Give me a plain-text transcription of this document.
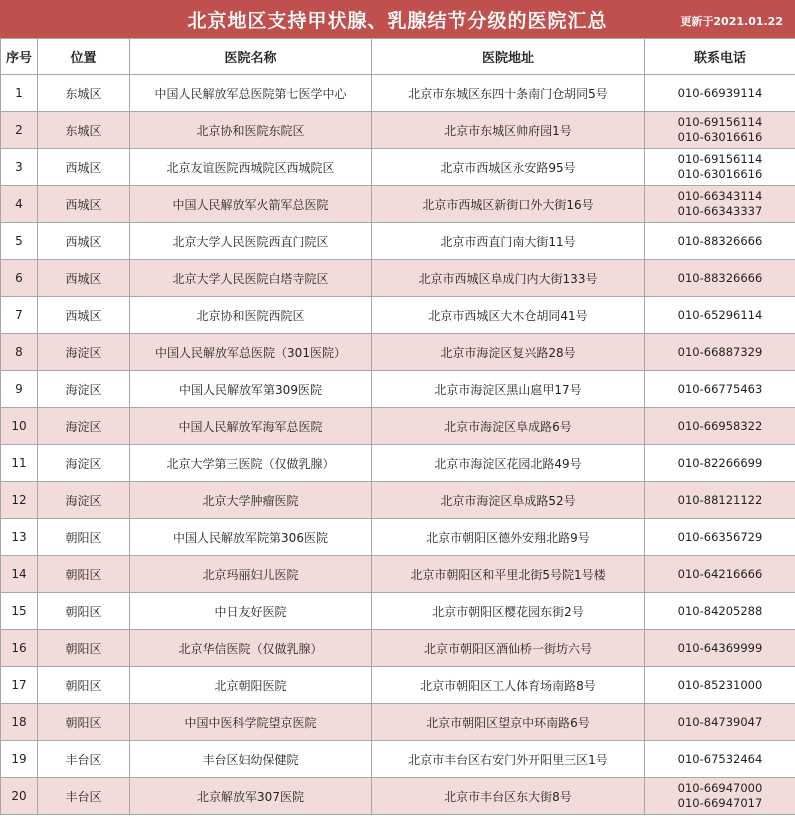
北京地区支持甲状腺、乳腺结节分级的医院汇总	更新于2021.01.22
序号	位置	医院名称	医院地址	联系电话
1	东城区	中国人民解放军总医院第七医学中心	北京市东城区东四十条南门仓胡同5号	010-66939114

2	东城区	北京协和医院东院区	北京市东城区帅府园1号	010-69156114
010-63016616

3	西城区	北京友谊医院西城院区西城院区	北京市西城区永安路95号	010-69156114
010-63016616

4	西城区	中国人民解放军火箭军总医院	北京市西城区新街口外大街16号	010-66343114
010-66343337

5	西城区	北京大学人民医院西直门院区	北京市西直门南大街11号	010-88326666

6	西城区	北京大学人民医院白塔寺院区	北京市西城区阜成门内大街133号	010-88326666

7	西城区	北京协和医院西院区	北京市西城区大木仓胡同41号	010-65296114

8	海淀区	中国人民解放军总医院（301医院）	北京市海淀区复兴路28号	010-66887329

9	海淀区	中国人民解放军第309医院	北京市海淀区黑山扈甲17号	010-66775463

10	海淀区	中国人民解放军海军总医院	北京市海淀区阜成路6号	010-66958322

11	海淀区	北京大学第三医院（仅做乳腺）	北京市海淀区花园北路49号	010-82266699

12	海淀区	北京大学肿瘤医院	北京市海淀区阜成路52号	010-88121122

13	朝阳区	中国人民解放军院第306医院	北京市朝阳区德外安翔北路9号	010-66356729

14	朝阳区	北京玛丽妇儿医院	北京市朝阳区和平里北街5号院1号楼	010-64216666

15	朝阳区	中日友好医院	北京市朝阳区樱花园东街2号	010-84205288

16	朝阳区	北京华信医院（仅做乳腺）	北京市朝阳区酒仙桥一街坊六号	010-64369999

17	朝阳区	北京朝阳医院	北京市朝阳区工人体育场南路8号	010-85231000

18	朝阳区	中国中医科学院望京医院	北京市朝阳区望京中环南路6号	010-84739047

19	丰台区	丰台区妇幼保健院	北京市丰台区右安门外开阳里三区1号	010-67532464

20	丰台区	北京解放军307医院	北京市丰台区东大街8号	010-66947000
010-66947017
